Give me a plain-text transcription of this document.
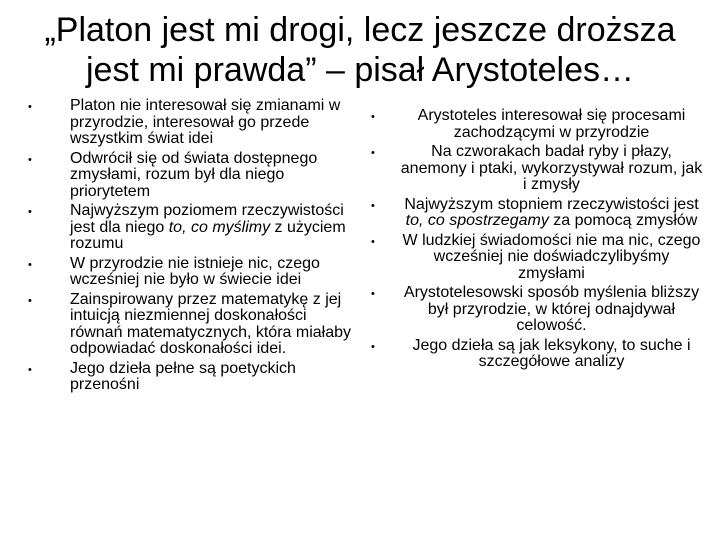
„Platon jest mi drogi, lecz jeszcze droższa
jest mi prawda” – pisał Arystoteles…
• Platon nie interesował się zmianami w przyrodzie, interesował go przede wszystkim świat idei
• Odwrócił się od świata dostępnego zmysłami, rozum był dla niego priorytetem
• Najwyższym poziomem rzeczywistości jest dla niego to, co myślimy z użyciem rozumu
• W przyrodzie nie istnieje nic, czego wcześniej nie było w świecie idei
• Zainspirowany przez matematykę z jej intuicją niezmiennej doskonałości równań matematycznych, która miałaby odpowiadać doskonałości idei.
• Jego dzieła pełne są poetyckich przenośni
•	Arystoteles interesował się procesami zachodzącymi w przyrodzie
•	Na czworakach badał ryby i płazy, anemony i ptaki, wykorzystywał rozum, jak i zmysły
• Najwyższym stopniem rzeczywistości jest to, co spostrzegamy za pomocą zmysłów
• W ludzkiej świadomości nie ma nic, czego wcześniej nie doświadczylibyśmy zmysłami
• Arystotelesowski sposób myślenia bliższy był przyrodzie, w której odnajdywał celowość.
• Jego dzieła są jak leksykony, to suche i szczegółowe analizy
